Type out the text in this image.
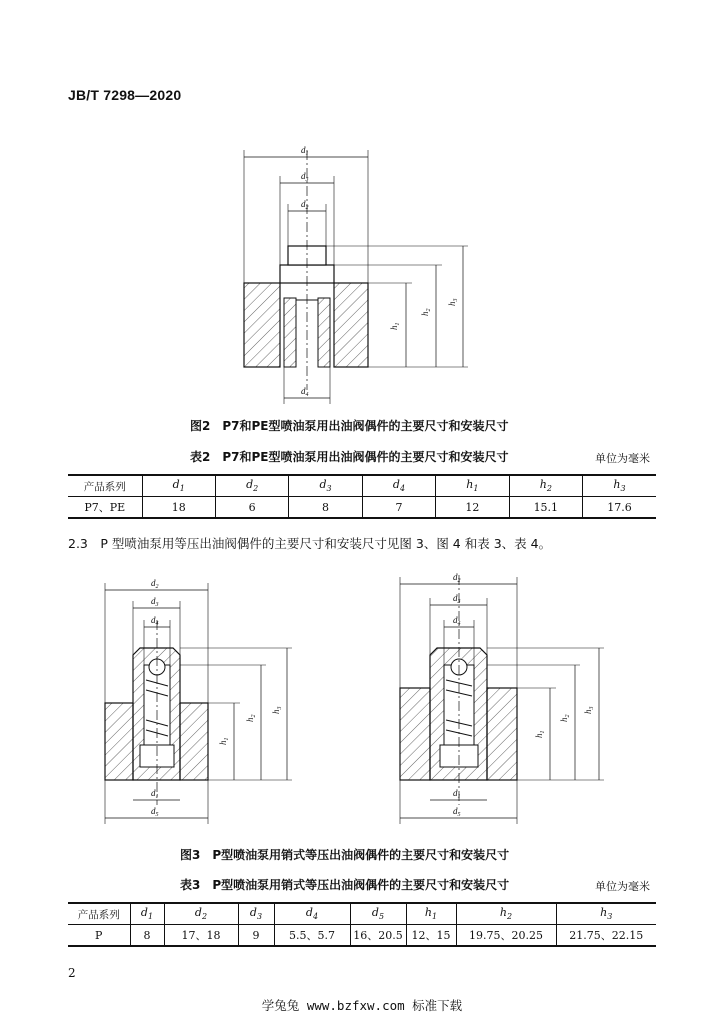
JB/T 7298—2020
$d_1$
$d_3$
$d_2$
$d_4$
$h_1$
$h_2$
$h_3$
图2　P7和PE型喷油泵用出油阀偶件的主要尺寸和安装尺寸
表2　P7和PE型喷油泵用出油阀偶件的主要尺寸和安装尺寸	单位为毫米
产品系列	$d_1$	$d_2$	$d_3$	$d_4$	$h_1$	$h_2$	$h_3$
P7、PE	18	6	8	7	12	15.1	17.6
2.3　P 型喷油泵用等压出油阀偶件的主要尺寸和安装尺寸见图 3、图 4 和表 3、表 4。
$d_2$
$d_3$
$d_4$
$d_1$
$d_5$
$h_1$
$h_2$
$h_3$
$d_2$
$d_3$
$d_4$
$d_1$
$d_5$
$h_1$
$h_2$
$h_3$
图3　P型喷油泵用销式等压出油阀偶件的主要尺寸和安装尺寸
表3　P型喷油泵用销式等压出油阀偶件的主要尺寸和安装尺寸	单位为毫米
产品系列	$d_1$	$d_2$	$d_3$	$d_4$	$d_5$	$h_1$	$h_2$	$h_3$
P	8	17、18	9	5.5、5.7	16、20.5	12、15	19.75、20.25	21.75、22.15
2
学兔兔 www.bzfxw.com 标准下载
